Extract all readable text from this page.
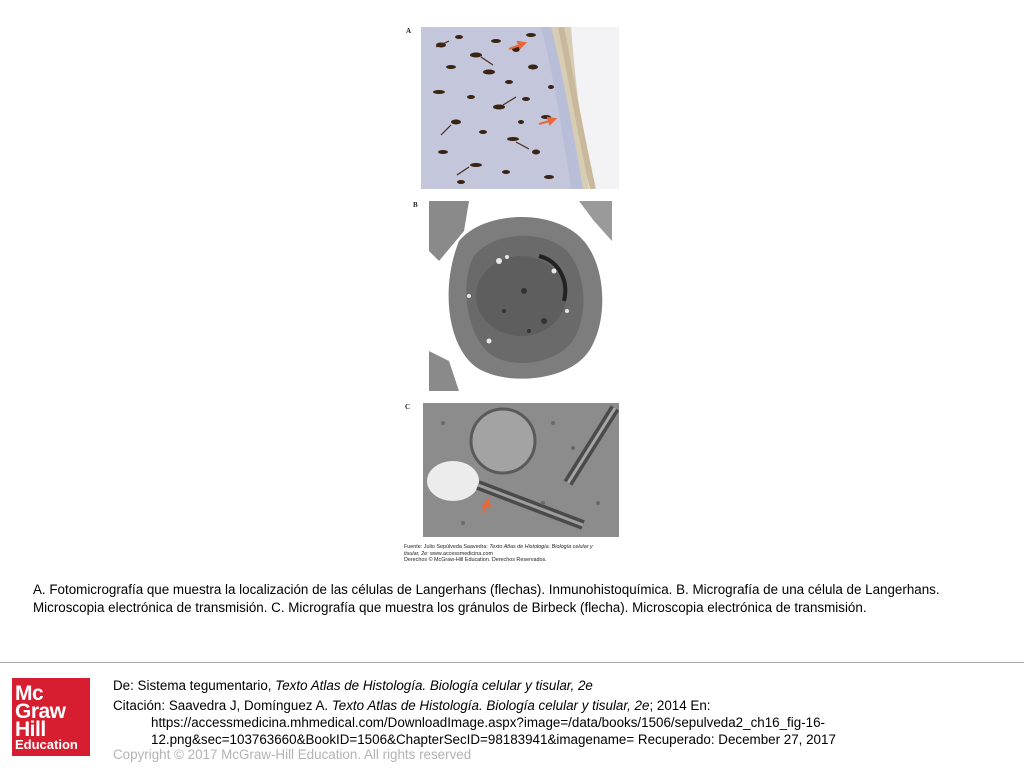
A
B
C
Fuente: Julio Sepúlveda Saavedra: Texto Atlas de Histología. Biología celular y
tisular, 2e: www.accessmedicina.com
Derechos © McGraw-Hill Education. Derechos Reservados.
A. Fotomicrografía que muestra la localización de las células de Langerhans (flechas). Inmunohistoquímica. B. Micrografía de una célula de Langerhans.
Microscopia electrónica de transmisión. C. Micrografía que muestra los gránulos de Birbeck (flecha). Microscopia electrónica de transmisión.
Mc
Graw
Hill
Education
De: Sistema tegumentario, Texto Atlas de Histología. Biología celular y tisular, 2e
Citación: Saavedra J, Domínguez A. Texto Atlas de Histología. Biología celular y tisular, 2e; 2014 En:
https://accessmedicina.mhmedical.com/DownloadImage.aspx?image=/data/books/1506/sepulveda2_ch16_fig-16-
12.png&sec=103763660&BookID=1506&ChapterSecID=98183941&imagename= Recuperado: December 27, 2017
Copyright © 2017 McGraw-Hill Education. All rights reserved
